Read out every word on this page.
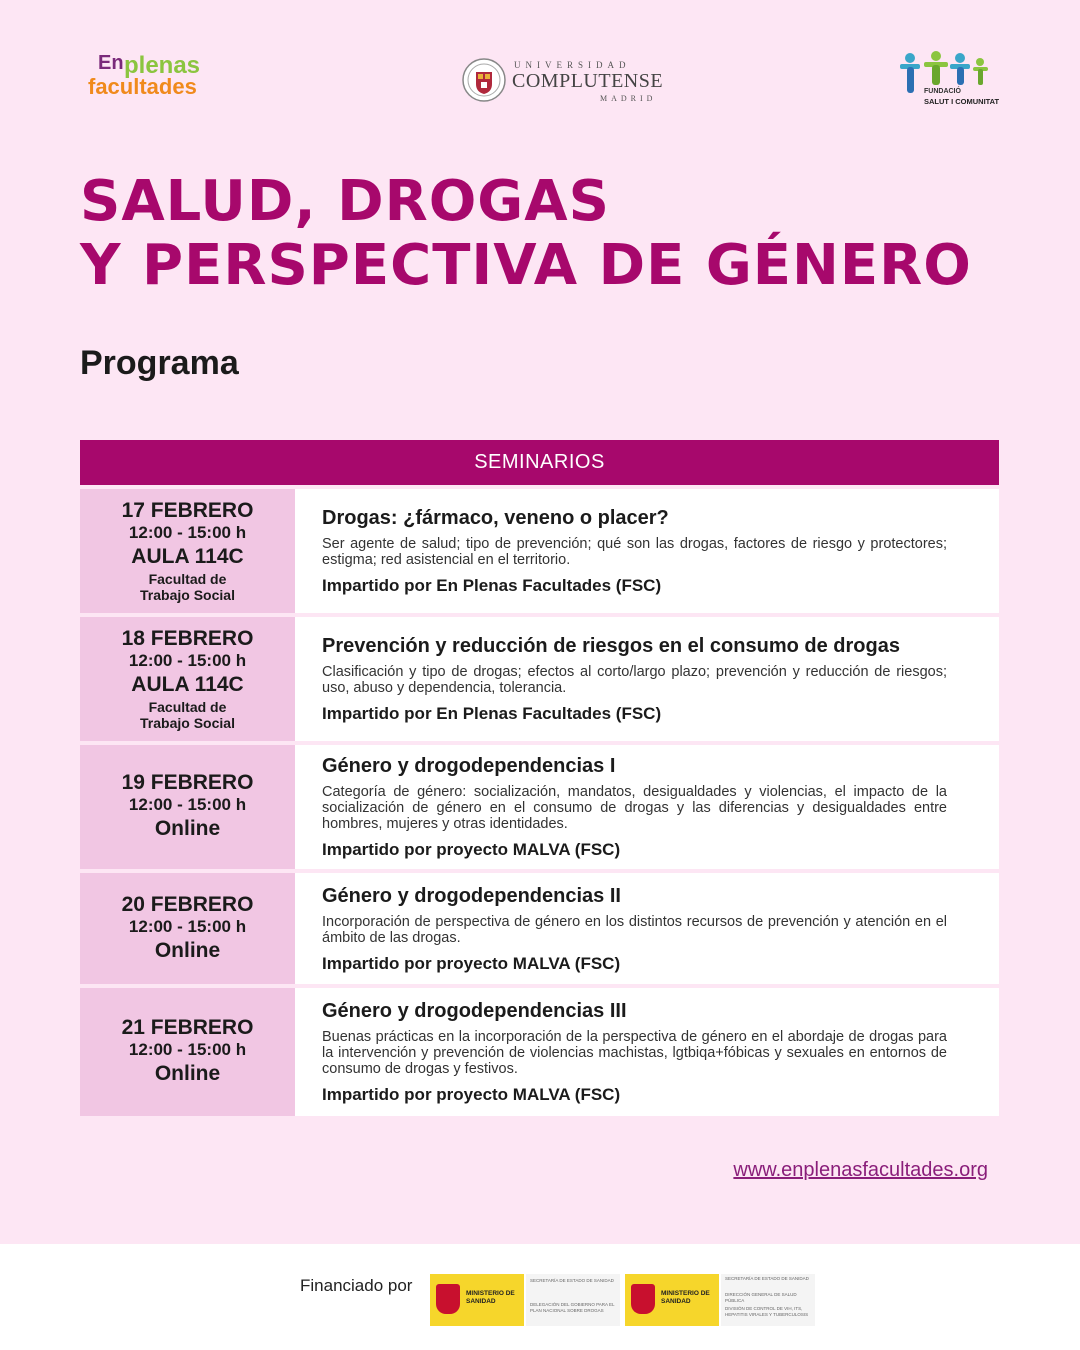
En plenas
facultades
UNIVERSIDAD
COMPLUTENSE
MADRID
FUNDACIÓ
SALUT I COMUNITAT
SALUD, DROGAS
Y PERSPECTIVA DE GÉNERO
Programa
SEMINARIOS
17 FEBRERO
12:00 - 15:00 h
AULA 114C
Facultad de
Trabajo Social
Drogas: ¿fármaco, veneno o placer?
Ser agente de salud; tipo de prevención; qué son las drogas, factores de riesgo y protectores; estigma; red asistencial en el territorio.
Impartido por En Plenas Facultades (FSC)
18 FEBRERO
12:00 - 15:00 h
AULA 114C
Facultad de
Trabajo Social
Prevención y reducción de riesgos en el consumo de drogas
Clasificación y tipo de drogas; efectos al corto/largo plazo; prevención y reducción de riesgos; uso, abuso y dependencia, tolerancia.
Impartido por En Plenas Facultades (FSC)
19 FEBRERO
12:00 - 15:00 h
Online
Género y drogodependencias I
Categoría de género: socialización, mandatos, desigualdades y violencias, el impacto de la socialización de género en el consumo de drogas y las diferencias y desigualdades entre hombres, mujeres y otras identidades.
Impartido por proyecto MALVA (FSC)
20 FEBRERO
12:00 - 15:00 h
Online
Género y drogodependencias II
Incorporación de perspectiva de género en los distintos recursos de prevención y atención en el ámbito de las drogas.
Impartido por proyecto MALVA (FSC)
21 FEBRERO
12:00 - 15:00 h
Online
Género y drogodependencias III
Buenas prácticas en la incorporación de la perspectiva de género en el abordaje de drogas para la intervención y prevención de violencias machistas, lgtbiqa+fóbicas y sexuales en entornos de consumo de drogas y festivos.
Impartido por proyecto MALVA (FSC)
www.enplenasfacultades.org
Financiado por	MINISTERIO DE SANIDAD
SECRETARÍA DE ESTADO DE SANIDAD
DELEGACIÓN DEL GOBIERNO PARA EL PLAN NACIONAL SOBRE DROGAS
MINISTERIO DE SANIDAD
SECRETARÍA DE ESTADO DE SANIDAD
DIRECCIÓN GENERAL DE SALUD PÚBLICA
DIVISIÓN DE CONTROL DE VIH, ITS, HEPATITIS VIRALES Y TUBERCULOSIS
